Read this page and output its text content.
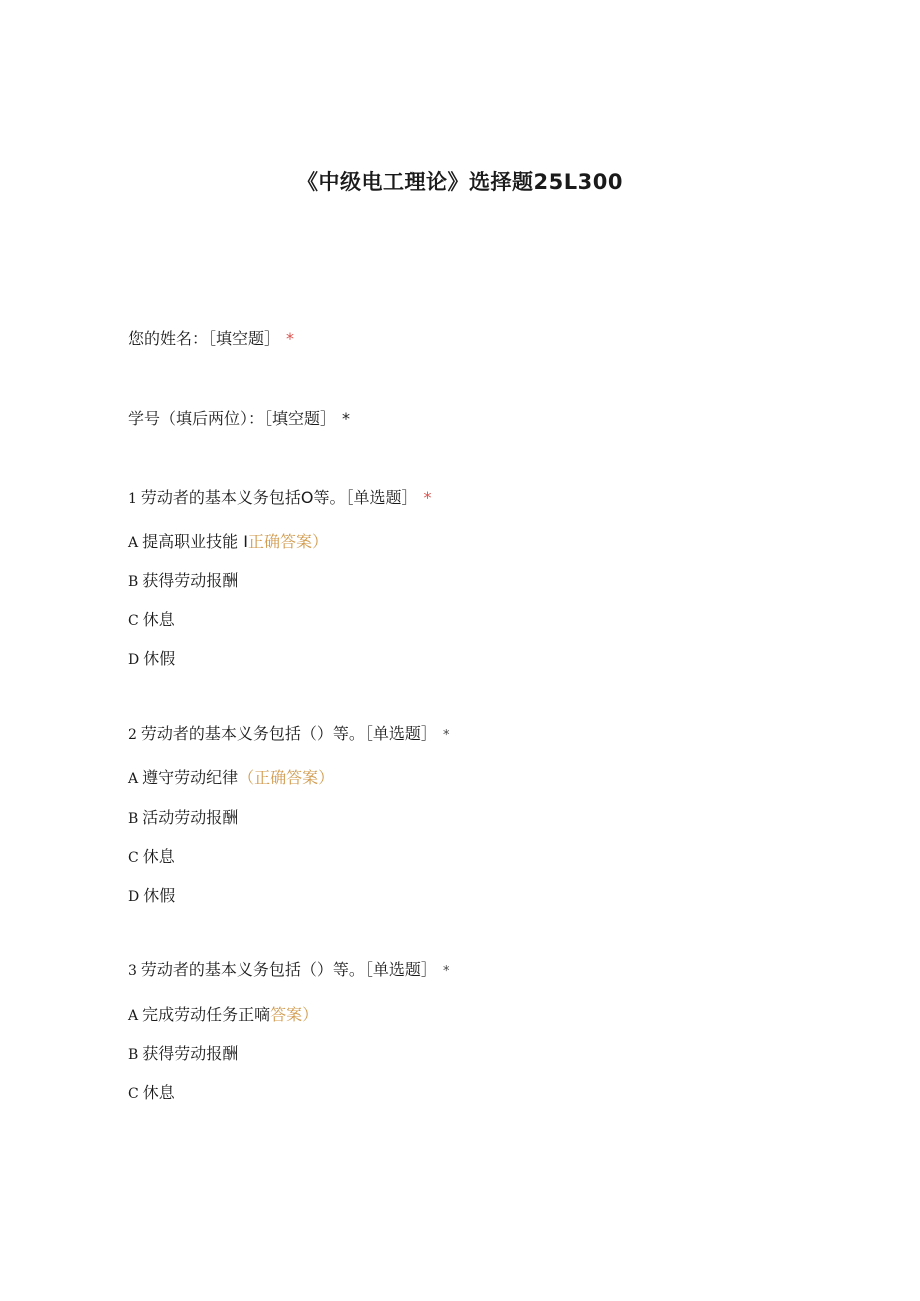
《中级电工理论》选择题25L300
您的姓名：［填空题］ *
学号（填后两位）：［填空题］ *
1 劳动者的基本义务包括O等。［单选题］ *
A 提高职业技能 I正确答案）
B 获得劳动报酬
C 休息
D 休假
2 劳动者的基本义务包括（）等。［单选题］ *
A 遵守劳动纪律（正确答案）
B 活动劳动报酬
C 休息
D 休假
3 劳动者的基本义务包括（）等。［单选题］ *
A 完成劳动任务正嘀答案）
B 获得劳动报酬
C 休息
